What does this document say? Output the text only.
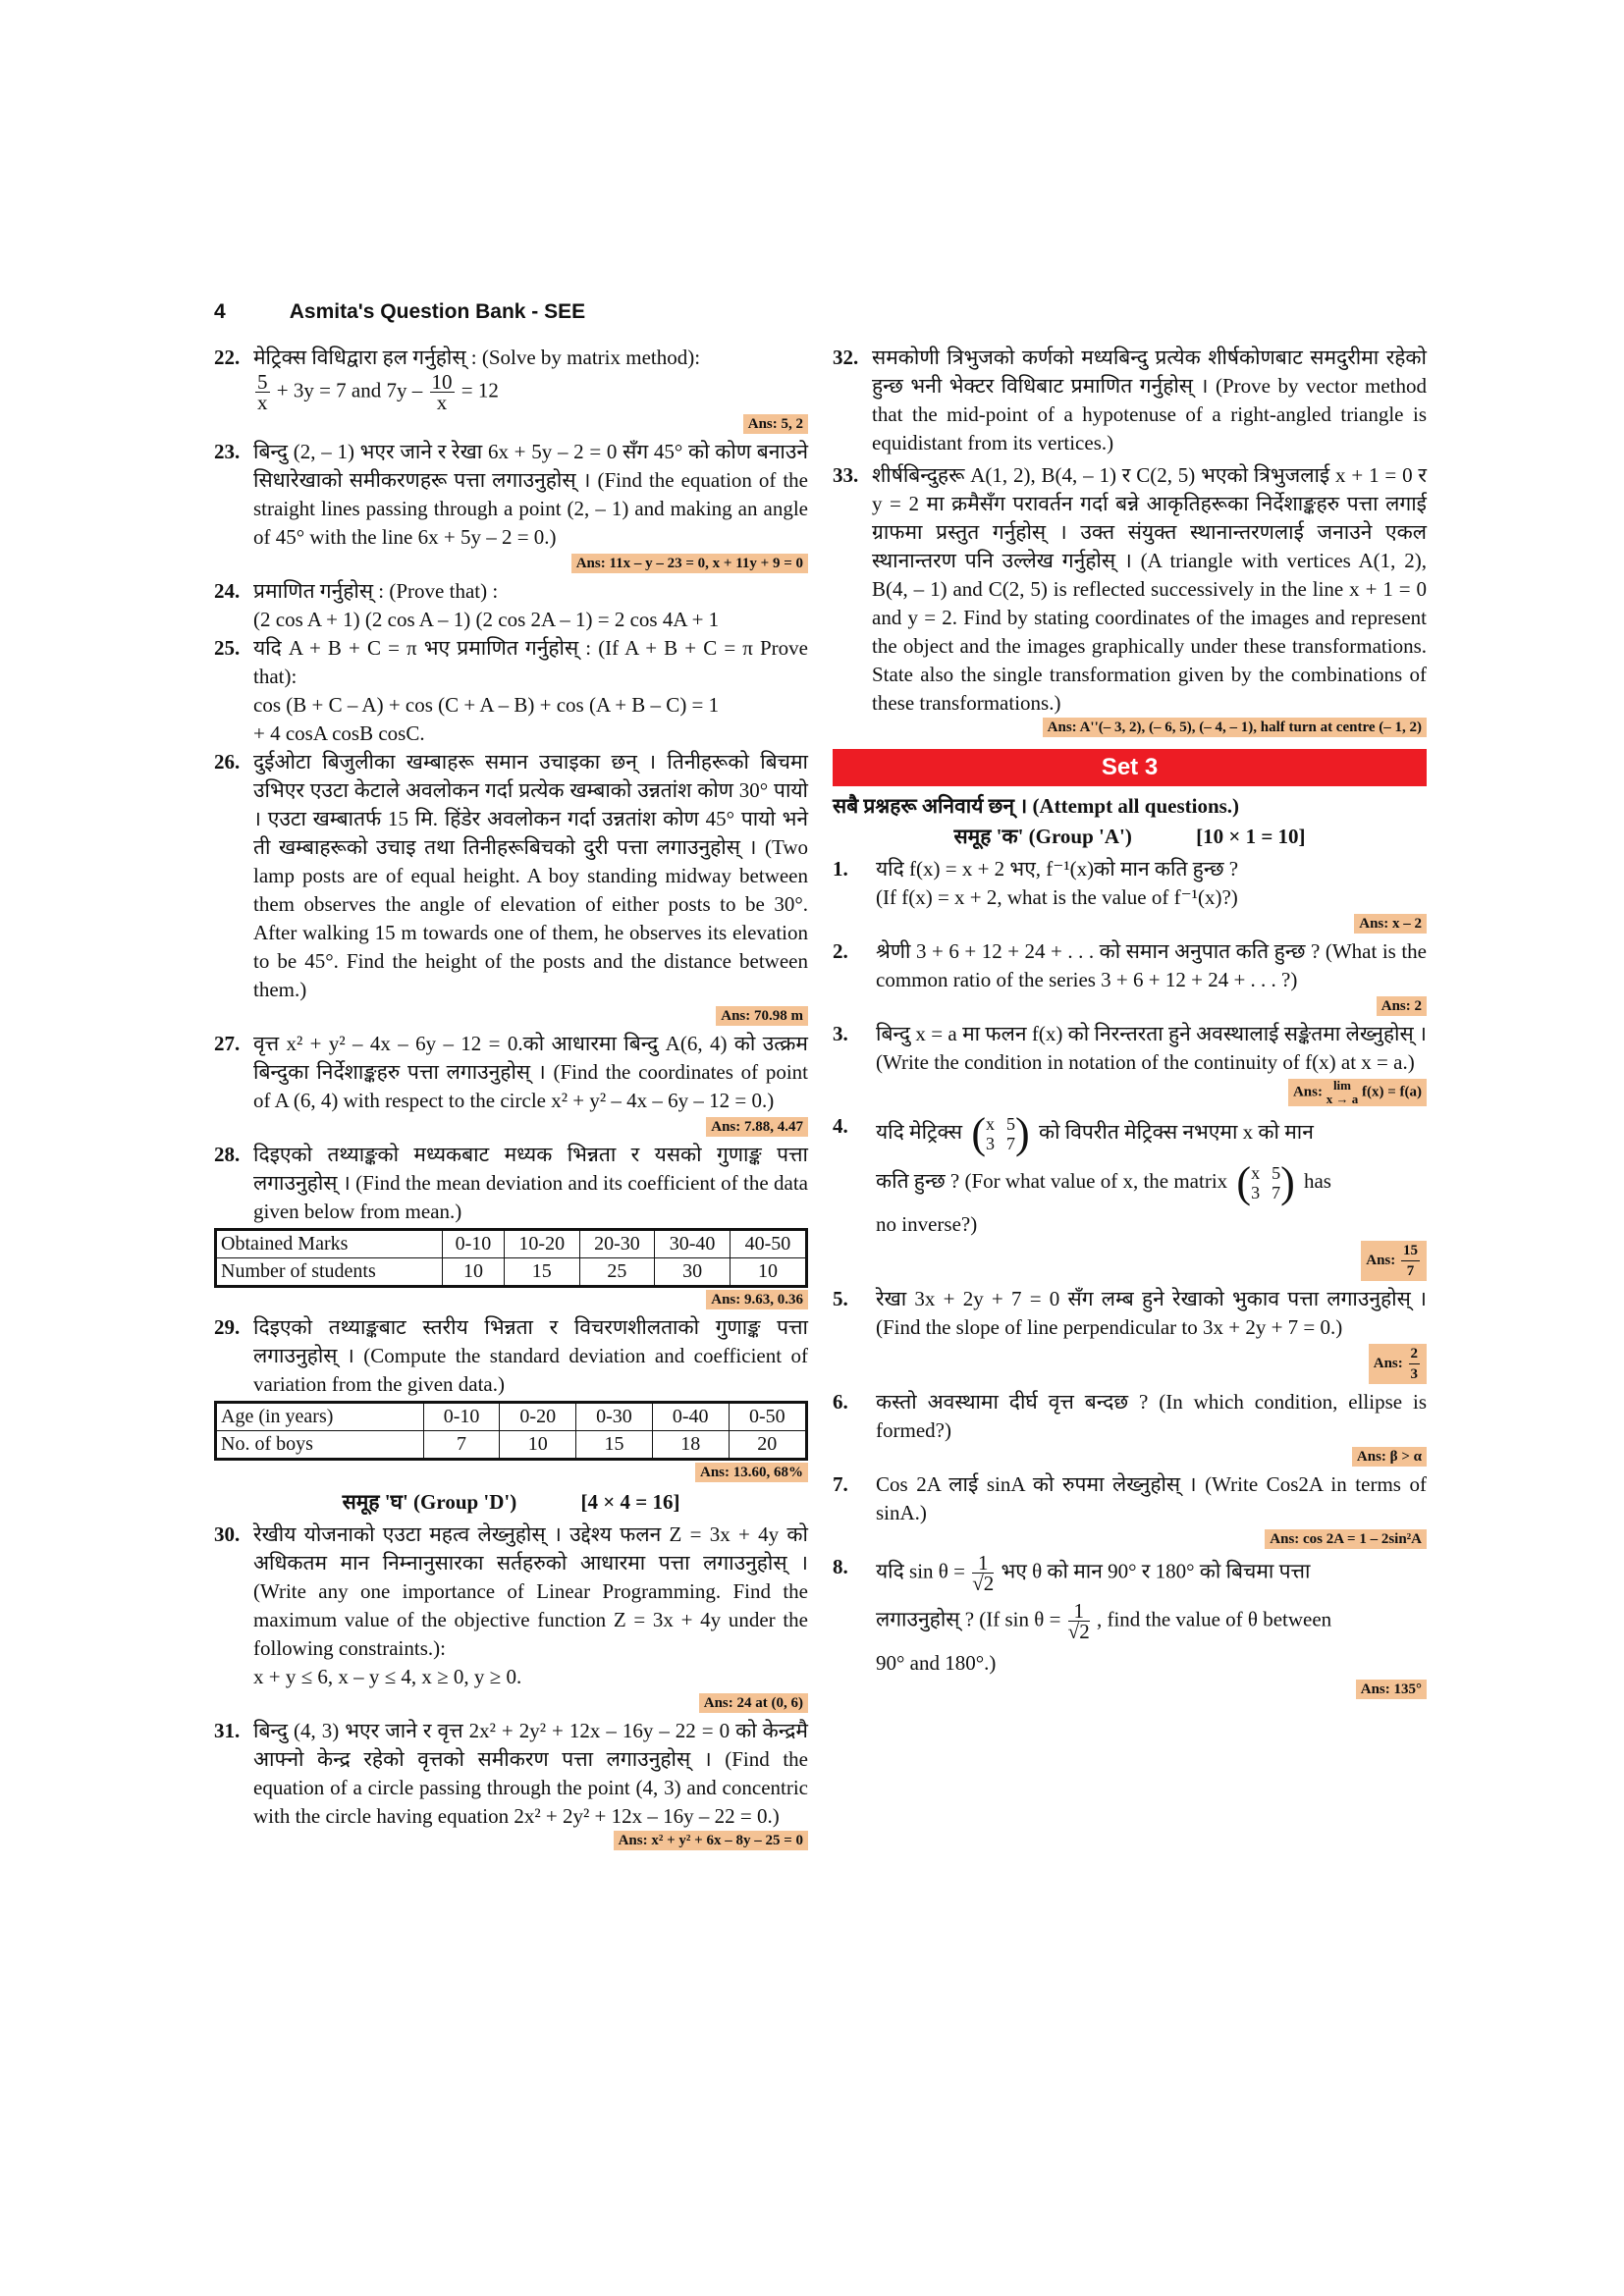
4	Asmita's Question Bank - SEE
22. मेट्रिक्स विधिद्वारा हल गर्नुहोस् : (Solve by matrix method):

$\frac{5}{x} + 3y = 7$ and $7y - \frac{10}{x} = 12$

Ans: 5, 2
23. बिन्दु (2, – 1) भएर जाने र रेखा 6x + 5y – 2 = 0 सँग 45° को कोण बनाउने सिधारेखाको समीकरणहरू पत्ता लगाउनुहोस् । (Find the equation of the straight lines passing through a point (2, – 1) and making an angle of 45° with the line 6x + 5y – 2 = 0.)

Ans: 11x – y – 23 = 0, x + 11y + 9 = 0
24. प्रमाणित गर्नुहोस् : (Prove that) :

(2 cos A + 1) (2 cos A – 1) (2 cos 2A – 1) = 2 cos 4A + 1

25. यदि A + B + C = π भए प्रमाणित गर्नुहोस् : (If A + B + C = π Prove that):

cos (B + C – A) + cos (C + A – B) + cos (A + B – C) = 1

+ 4 cosA cosB cosC.

26. दुईओटा बिजुलीका खम्बाहरू समान उचाइका छन् । तिनीहरूको बिचमा उभिएर एउटा केटाले अवलोकन गर्दा प्रत्येक खम्बाको उन्नतांश कोण 30° पायो । एउटा खम्बातर्फ 15 मि. हिंडेर अवलोकन गर्दा उन्नतांश कोण 45° पायो भने ती खम्बाहरूको उचाइ तथा तिनीहरूबिचको दुरी पत्ता लगाउनुहोस् । (Two lamp posts are of equal height. A boy standing midway between them observes the angle of elevation of either posts to be 30°. After walking 15 m towards one of them, he observes its elevation to be 45°. Find the height of the posts and the distance between them.)

Ans: 70.98 m
27. वृत्त x² + y² – 4x – 6y – 12 = 0.को आधारमा बिन्दु A(6, 4) को उत्क्रम बिन्दुका निर्देशाङ्कहरु पत्ता लगाउनुहोस् । (Find the coordinates of point of A (6, 4) with respect to the circle x² + y² – 4x – 6y – 12 = 0.)

Ans: 7.88, 4.47
28. दिइएको तथ्याङ्कको मध्यकबाट मध्यक भिन्नता र यसको गुणाङ्क पत्ता लगाउनुहोस् । (Find the mean deviation and its coefficient of the data given below from mean.)

Obtained Marks	0-10	10-20	20-30	30-40	40-50
Number of students	10	15	25	30	10
Ans: 9.63, 0.36
29. दिइएको तथ्याङ्कबाट स्तरीय भिन्नता र विचरणशीलताको गुणाङ्क पत्ता लगाउनुहोस् । (Compute the standard deviation and coefficient of variation from the given data.)

Age (in years)	0-10	0-20	0-30	0-40	0-50
No. of boys	7	10	15	18	20
Ans: 13.60, 68%
समूह 'घ' (Group 'D')	[4 × 4 = 16]
30. रेखीय योजनाको एउटा महत्व लेख्नुहोस् । उद्देश्य फलन Z = 3x + 4y को अधिकतम मान निम्नानुसारका सर्तहरुको आधारमा पत्ता लगाउनुहोस् । (Write any one importance of Linear Programming. Find the maximum value of the objective function Z = 3x + 4y under the following constraints.):

x + y ≤ 6, x – y ≤ 4, x ≥ 0, y ≥ 0.

Ans: 24 at (0, 6)
31. बिन्दु (4, 3) भएर जाने र वृत्त 2x² + 2y² + 12x – 16y – 22 = 0 को केन्द्रमै आफ्नो केन्द्र रहेको वृत्तको समीकरण पत्ता लगाउनुहोस् । (Find the equation of a circle passing through the point (4, 3) and concentric with the circle having equation 2x² + 2y² + 12x – 16y – 22 = 0.)

Ans: x² + y² + 6x – 8y – 25 = 0
32. समकोणी त्रिभुजको कर्णको मध्यबिन्दु प्रत्येक शीर्षकोणबाट समदुरीमा रहेको हुन्छ भनी भेक्टर विधिबाट प्रमाणित गर्नुहोस् । (Prove by vector method that the mid-point of a hypotenuse of a right-angled triangle is equidistant from its vertices.)

33. शीर्षबिन्दुहरू A(1, 2), B(4, – 1) र C(2, 5) भएको त्रिभुजलाई x + 1 = 0 र y = 2 मा क्रमैसँग परावर्तन गर्दा बन्ने आकृतिहरूका निर्देशाङ्कहरु पत्ता लगाई ग्राफमा प्रस्तुत गर्नुहोस् । उक्त संयुक्त स्थानान्तरणलाई जनाउने एकल स्थानान्तरण पनि उल्लेख गर्नुहोस् । (A triangle with vertices A(1, 2), B(4, – 1) and C(2, 5) is reflected successively in the line x + 1 = 0 and y = 2. Find by stating coordinates of the images and represent the object and the images graphically under these transformations. State also the single transformation given by the combinations of these transformations.)

Ans: A''(– 3, 2), (– 6, 5), (– 4, – 1), half turn at centre (– 1, 2)
Set 3
सबै प्रश्नहरू अनिवार्य छन् । (Attempt all questions.)
समूह 'क' (Group 'A')	[10 × 1 = 10]
1. यदि f(x) = x + 2 भए, f⁻¹(x)को मान कति हुन्छ ?

(If f(x) = x + 2, what is the value of f⁻¹(x)?)

Ans: x – 2
2. श्रेणी 3 + 6 + 12 + 24 + . . . को समान अनुपात कति हुन्छ ? (What is the common ratio of the series 3 + 6 + 12 + 24 + . . . ?)

Ans: 2
3. बिन्दु x = a मा फलन f(x) को निरन्तरता हुने अवस्थालाई सङ्केतमा लेख्नुहोस् । (Write the condition in notation of the continuity of f(x) at x = a.)

Ans: lim
x → a f(x) = f(a)
4. यदि मेट्रिक्स ( x 5
3 7 ) को विपरीत मेट्रिक्स नभएमा x को मान

कति हुन्छ ? (For what value of x, the matrix ( x 5
3 7 ) has

no inverse?)

Ans: $\frac{15}{7}$
5. रेखा 3x + 2y + 7 = 0 सँग लम्ब हुने रेखाको भुकाव पत्ता लगाउनुहोस् । (Find the slope of line perpendicular to 3x + 2y + 7 = 0.)

Ans: $\frac{2}{3}$
6. कस्तो अवस्थामा दीर्घ वृत्त बन्दछ ? (In which condition, ellipse is formed?)

Ans: β > α
7. Cos 2A लाई sinA को रुपमा लेख्नुहोस् । (Write Cos2A in terms of sinA.)

Ans: cos 2A = 1 – 2sin²A
8. यदि $\sin \theta = \frac{1}{√2}$ भए θ को मान 90° र 180° को बिचमा पत्ता

लगाउनुहोस् ? (If $\sin \theta = \frac{1}{√2}$ , find the value of θ between

90° and 180°.)

Ans: 135°
